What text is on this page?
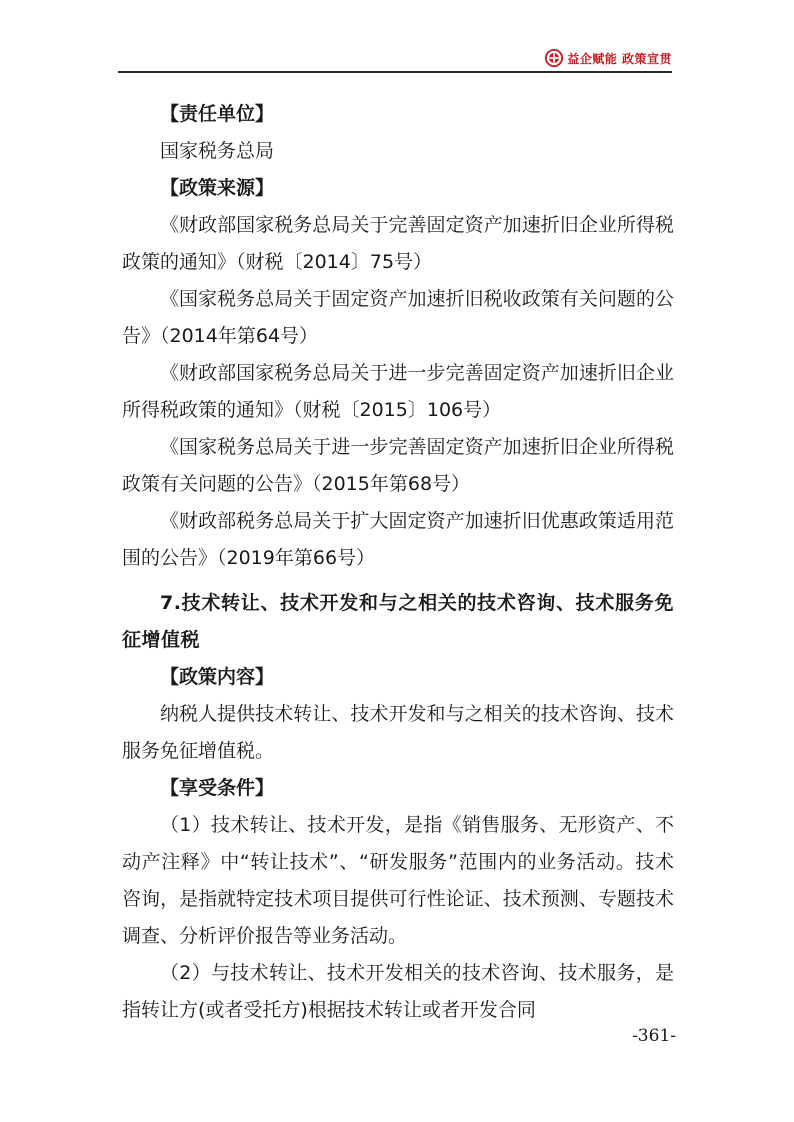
益企赋能 政策宣贯

【责任单位】

国家税务总局

【政策来源】

《财政部国家税务总局关于完善固定资产加速折旧企业所得税政策的通知》（财税〔2014〕75号）

《国家税务总局关于固定资产加速折旧税收政策有关问题的公告》（2014年第64号）

《财政部国家税务总局关于进一步完善固定资产加速折旧企业所得税政策的通知》（财税〔2015〕106号）

《国家税务总局关于进一步完善固定资产加速折旧企业所得税政策有关问题的公告》（2015年第68号）

《财政部税务总局关于扩大固定资产加速折旧优惠政策适用范围的公告》（2019年第66号）

7.技术转让、技术开发和与之相关的技术咨询、技术服务免征增值税

【政策内容】

纳税人提供技术转让、技术开发和与之相关的技术咨询、技术服务免征增值税。

【享受条件】

（1）技术转让、技术开发，是指《销售服务、无形资产、不动产注释》中“转让技术”、“研发服务”范围内的业务活动。技术咨询，是指就特定技术项目提供可行性论证、技术预测、专题技术调查、分析评价报告等业务活动。

（2）与技术转让、技术开发相关的技术咨询、技术服务，是指转让方(或者受托方)根据技术转让或者开发合同

-361-
